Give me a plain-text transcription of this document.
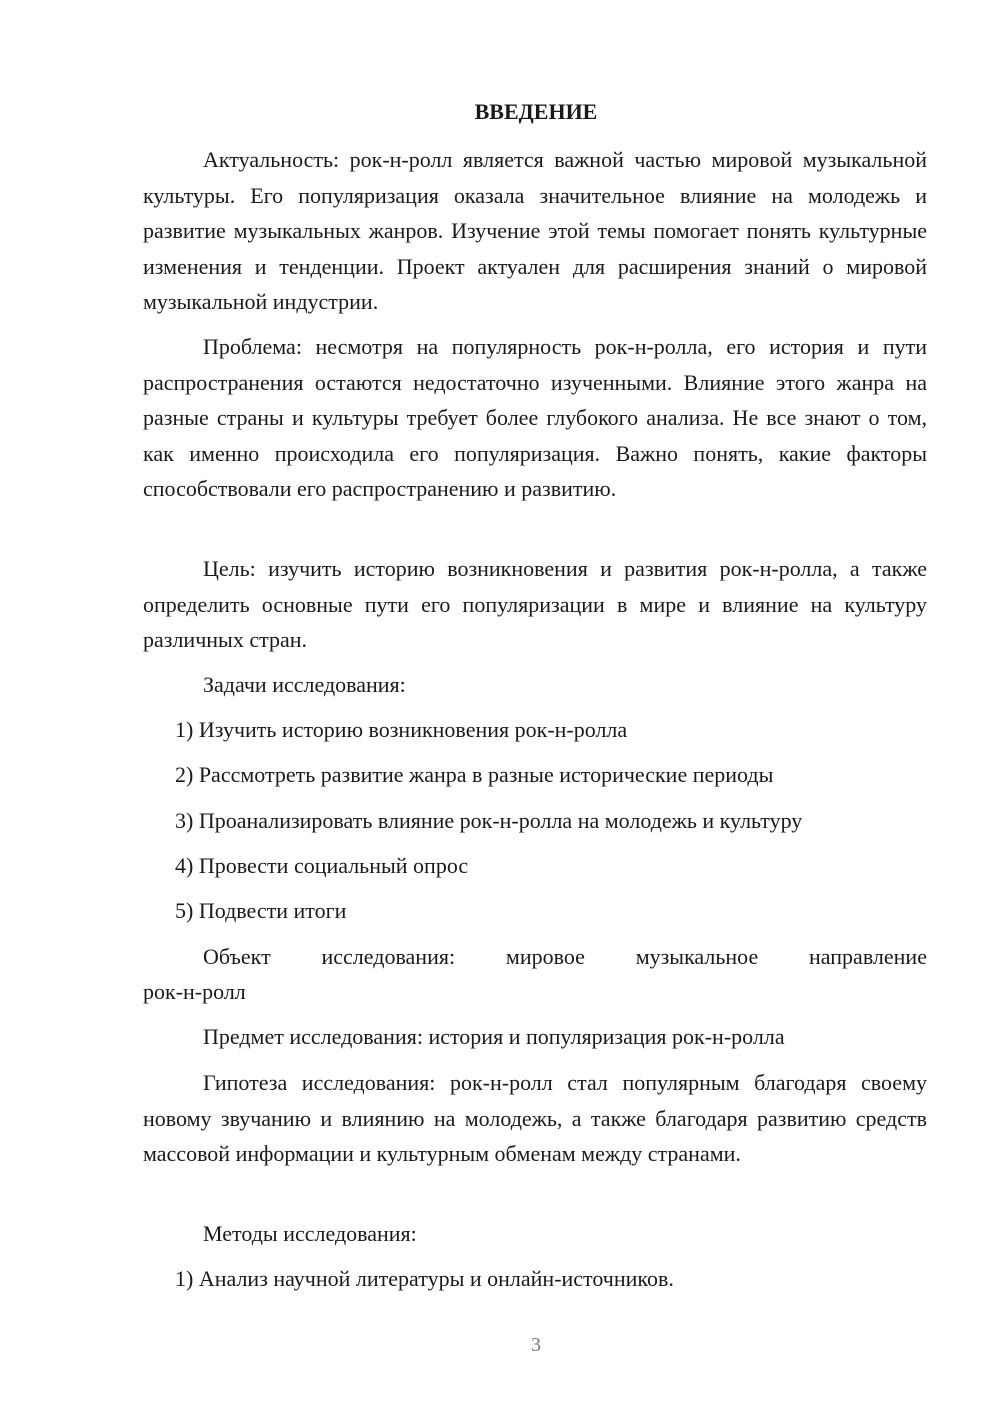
ВВЕДЕНИЕ

Актуальность: рок-н-ролл является важной частью мировой музыкальной культуры. Его популяризация оказала значительное влияние на молодежь и развитие музыкальных жанров. Изучение этой темы помогает понять культурные изменения и тенденции. Проект актуален для расширения знаний о мировой музыкальной индустрии.

Проблема: несмотря на популярность рок-н-ролла, его история и пути распространения остаются недостаточно изученными. Влияние этого жанра на разные страны и культуры требует более глубокого анализа. Не все знают о том, как именно происходила его популяризация. Важно понять, какие факторы способствовали его распространению и развитию.

Цель: изучить историю возникновения и развития рок-н-ролла, а также определить основные пути его популяризации в мире и влияние на культуру различных стран.

Задачи исследования:

1) Изучить историю возникновения рок-н-ролла

2) Рассмотреть развитие жанра в разные исторические периоды

3) Проанализировать влияние рок-н-ролла на молодежь и культуру

4) Провести социальный опрос

5) Подвести итоги

Объект исследования: мировое музыкальное направление

рок-н-ролл

Предмет исследования: история и популяризация рок-н-ролла

Гипотеза исследования: рок-н-ролл стал популярным благодаря своему новому звучанию и влиянию на молодежь, а также благодаря развитию средств массовой информации и культурным обменам между странами.

Методы исследования:

1) Анализ научной литературы и онлайн-источников.

3
